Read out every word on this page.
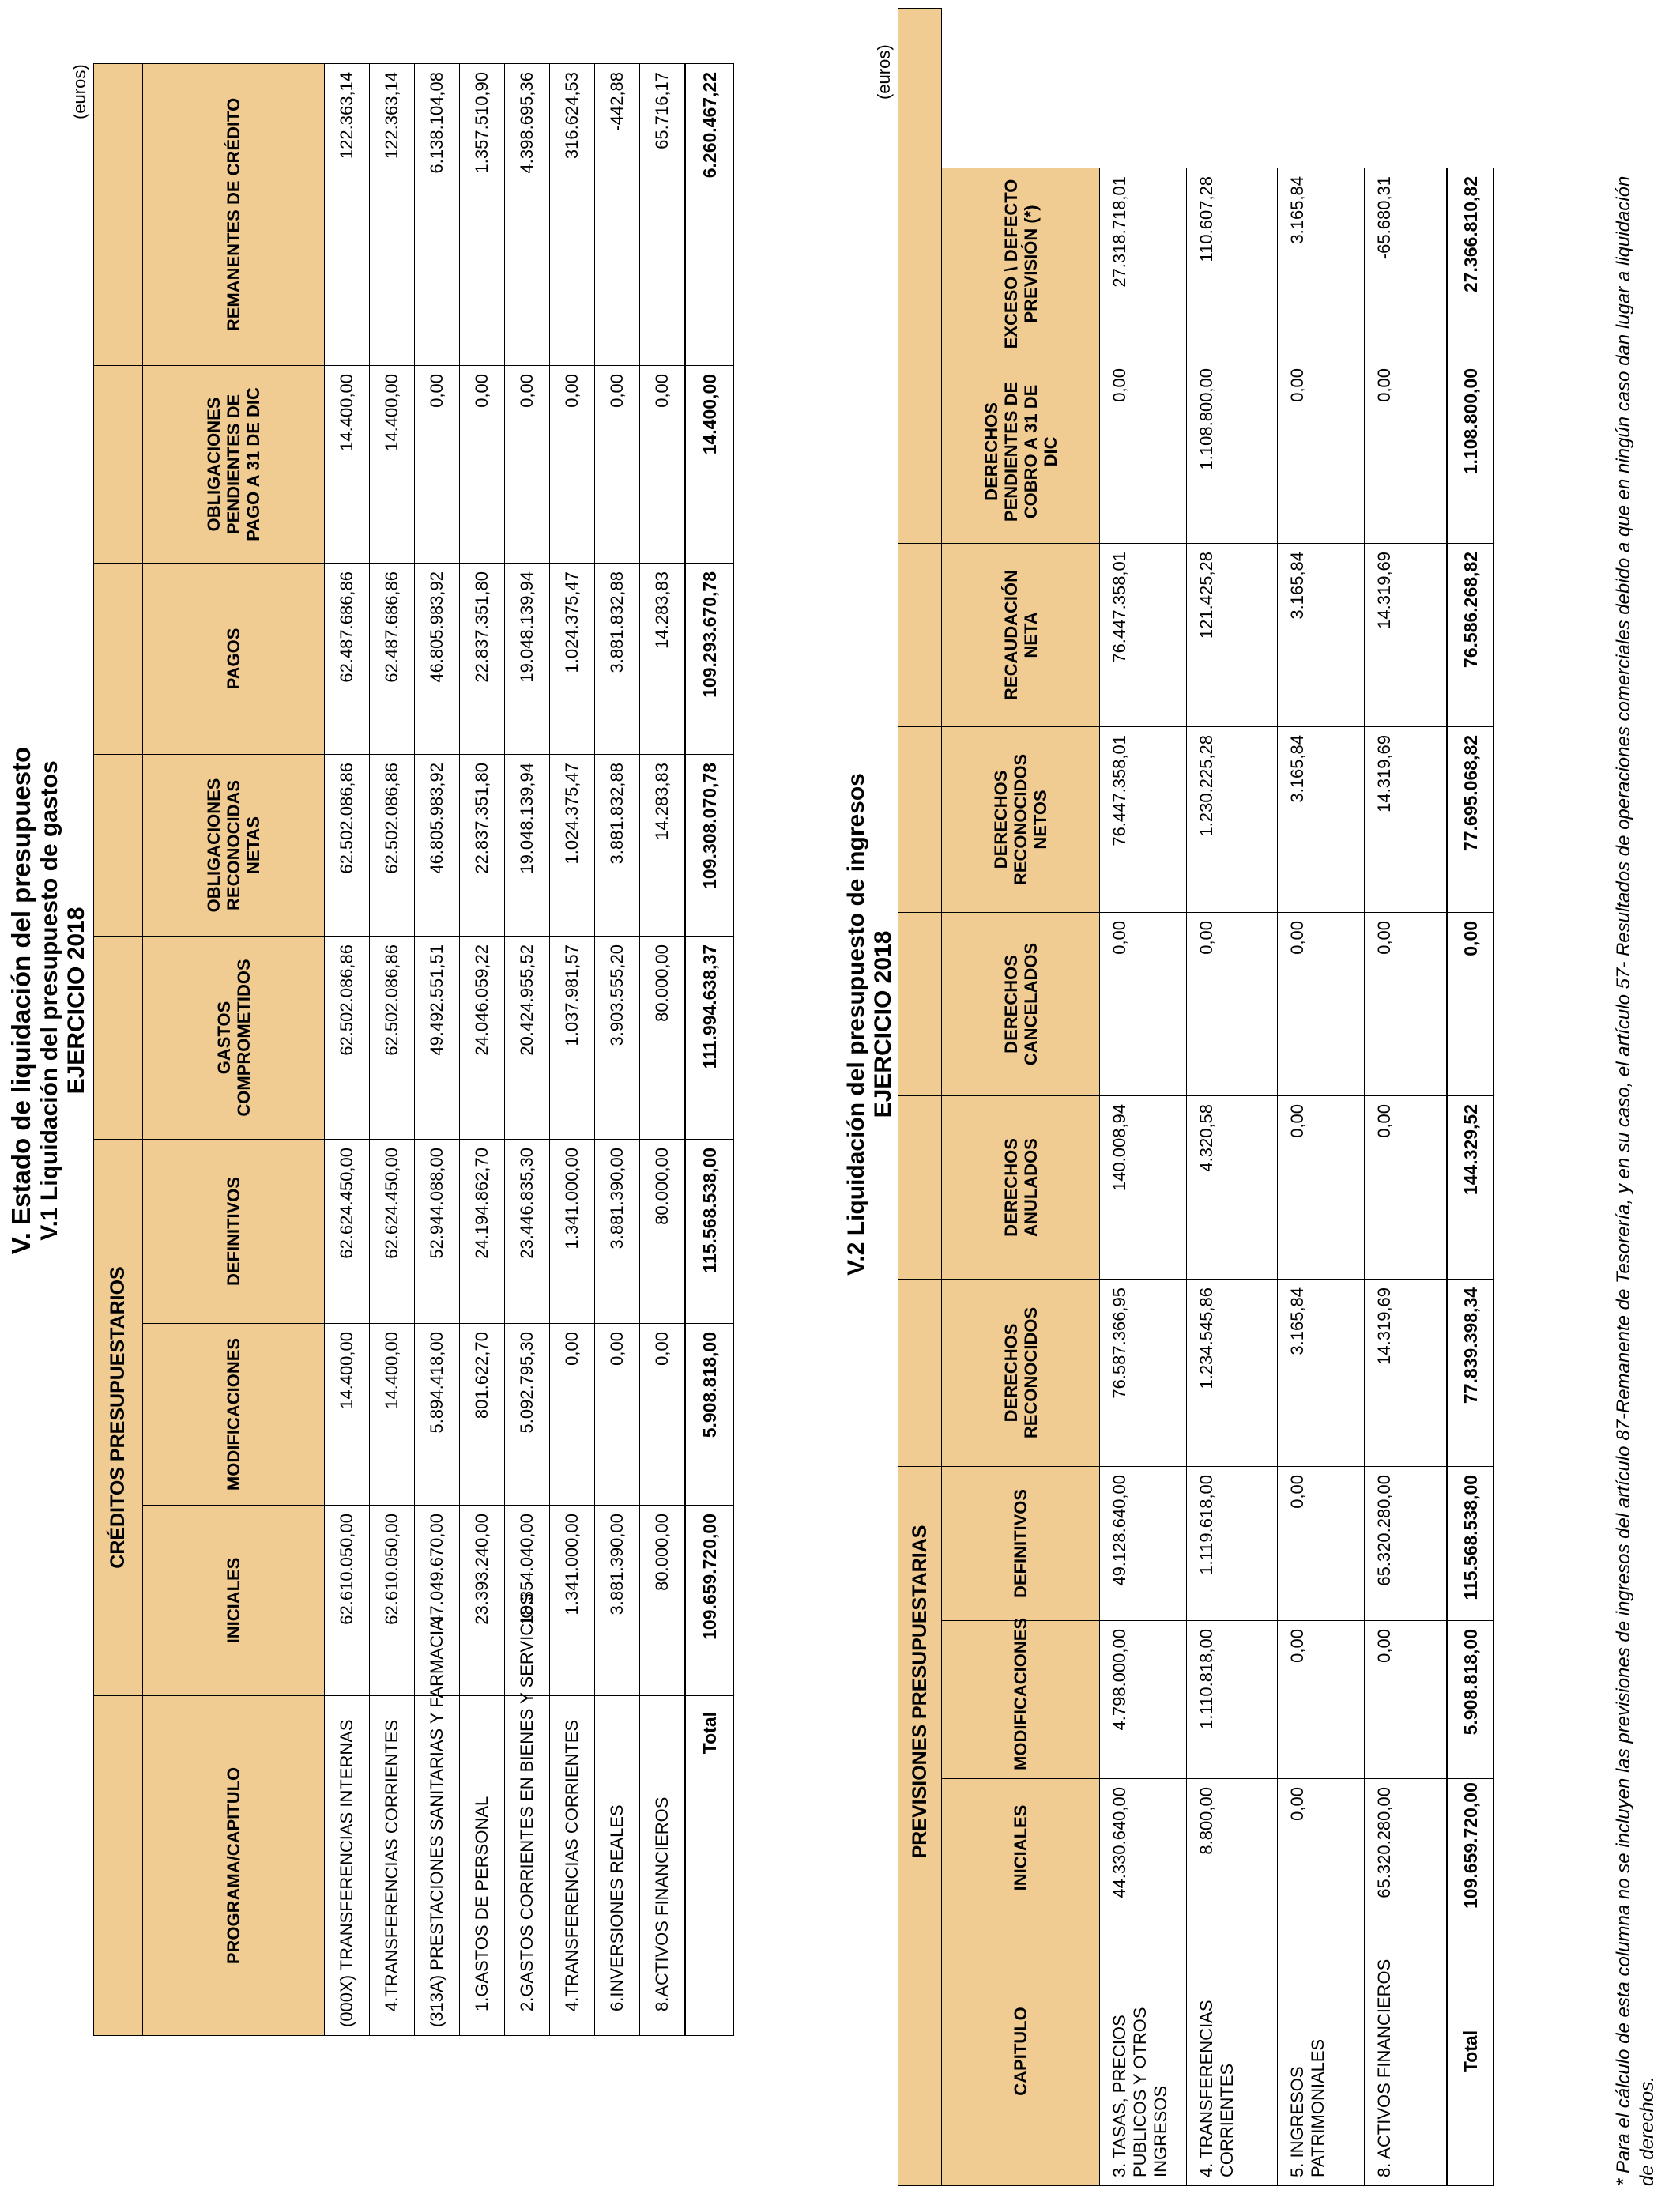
V. Estado de liquidación del presupuesto V.1 Liquidación del presupuesto de gastos EJERCICIO 2018
(euros)
	CRÉDITOS PRESUPUESTARIOS							
PROGRAMA/CAPITULO	INICIALES	MODIFICACIONES	DEFINITIVOS	GASTOS COMPROMETIDOS	OBLIGACIONES RECONOCIDAS NETAS	PAGOS	OBLIGACIONES PENDIENTES DE PAGO A 31 DE DIC	REMANENTES DE CRÉDITO
(000X) TRANSFERENCIAS INTERNAS	62.610.050,00	14.400,00	62.624.450,00	62.502.086,86	62.502.086,86	62.487.686,86	14.400,00	122.363,14
4.TRANSFERENCIAS CORRIENTES	62.610.050,00	14.400,00	62.624.450,00	62.502.086,86	62.502.086,86	62.487.686,86	14.400,00	122.363,14
(313A) PRESTACIONES SANITARIAS Y FARMACIA	47.049.670,00	5.894.418,00	52.944.088,00	49.492.551,51	46.805.983,92	46.805.983,92	0,00	6.138.104,08
1.GASTOS DE PERSONAL	23.393.240,00	801.622,70	24.194.862,70	24.046.059,22	22.837.351,80	22.837.351,80	0,00	1.357.510,90
2.GASTOS CORRIENTES EN BIENES Y SERVICIOS	18.354.040,00	5.092.795,30	23.446.835,30	20.424.955,52	19.048.139,94	19.048.139,94	0,00	4.398.695,36
4.TRANSFERENCIAS CORRIENTES	1.341.000,00	0,00	1.341.000,00	1.037.981,57	1.024.375,47	1.024.375,47	0,00	316.624,53
6.INVERSIONES REALES	3.881.390,00	0,00	3.881.390,00	3.903.555,20	3.881.832,88	3.881.832,88	0,00	-442,88
8.ACTIVOS FINANCIEROS	80.000,00	0,00	80.000,00	80.000,00	14.283,83	14.283,83	0,00	65.716,17
Total	109.659.720,00	5.908.818,00	115.568.538,00	111.994.638,37	109.308.070,78	109.293.670,78	14.400,00	6.260.467,22
V.2 Liquidación del presupuesto de ingresos EJERCICIO 2018
(euros)
	PREVISIONES PRESUPUESTARIAS										
CAPITULO	INICIALES	MODIFICACIONES	DEFINITIVOS	DERECHOS RECONOCIDOS	DERECHOS ANULADOS	DERECHOS CANCELADOS	DERECHOS RECONOCIDOS NETOS	RECAUDACIÓN NETA	DERECHOS PENDIENTES DE COBRO A 31 DE DIC	EXCESO \ DEFECTO PREVISIÓN (*)	
3. TASAS, PRECIOS PUBLICOS Y OTROS INGRESOS	44.330.640,00	4.798.000,00	49.128.640,00	76.587.366,95	140.008,94	0,00	76.447.358,01	76.447.358,01	0,00	27.318.718,01	
4. TRANSFERENCIAS CORRIENTES	8.800,00	1.110.818,00	1.119.618,00	1.234.545,86	4.320,58	0,00	1.230.225,28	121.425,28	1.108.800,00	110.607,28	
5. INGRESOS PATRIMONIALES	0,00	0,00	0,00	3.165,84	0,00	0,00	3.165,84	3.165,84	0,00	3.165,84	
8. ACTIVOS FINANCIEROS	65.320.280,00	0,00	65.320.280,00	14.319,69	0,00	0,00	14.319,69	14.319,69	0,00	-65.680,31	
Total	109.659.720,00	5.908.818,00	115.568.538,00	77.839.398,34	144.329,52	0,00	77.695.068,82	76.586.268,82	1.108.800,00	27.366.810,82		* Para el cálculo de esta columna no se incluyen las previsiones de ingresos del artículo 87-Remanente de Tesorería, y en su caso, el artículo 57- Resultados de operaciones comerciales debido a que en ningún caso dan lugar a liquidación de derechos.
